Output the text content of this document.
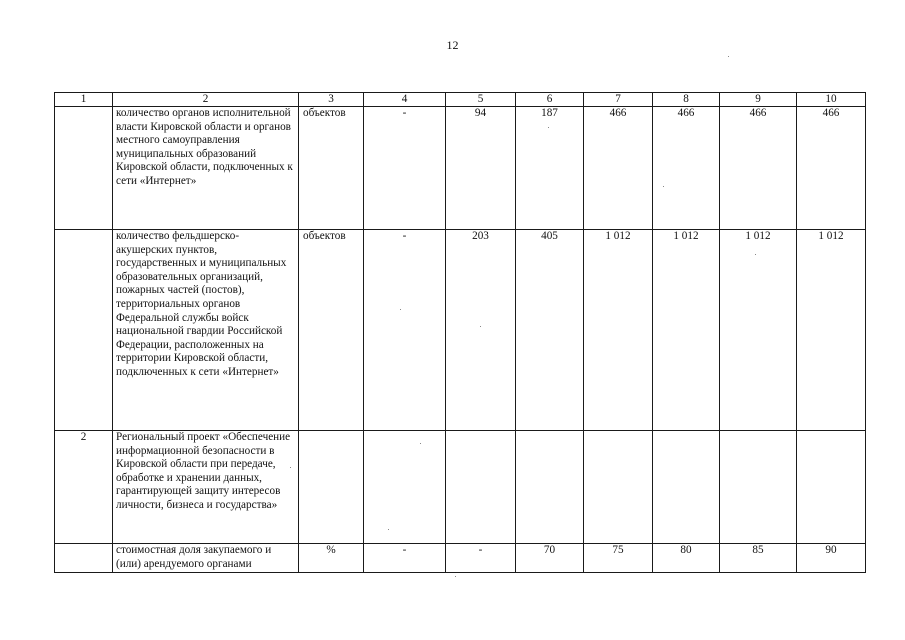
12
1	2	3	4	5	6	7	8	9	10
	количество органов исполнительной власти Кировской области и органов местного самоуправления муниципальных образований Кировской области, подключенных к сети «Интернет»	объектов	-	94	187	466	466	466	466
	количество фельдшерско-акушерских пунктов, государственных и муниципальных образовательных организаций, пожарных частей (постов), территориальных органов Федеральной службы войск национальной гвардии Российской Федерации, расположенных на территории Кировской области, подключенных к сети «Интернет»	объектов	-	203	405	1 012	1 012	1 012	1 012
2	Региональный проект «Обеспечение информационной безопасности в Кировской области при передаче, обработке и хранении данных, гарантирующей защиту интересов личности, бизнеса и государства»								
	стоимостная доля закупаемого и (или) арендуемого органами	%	-	-	70	75	80	85	90
